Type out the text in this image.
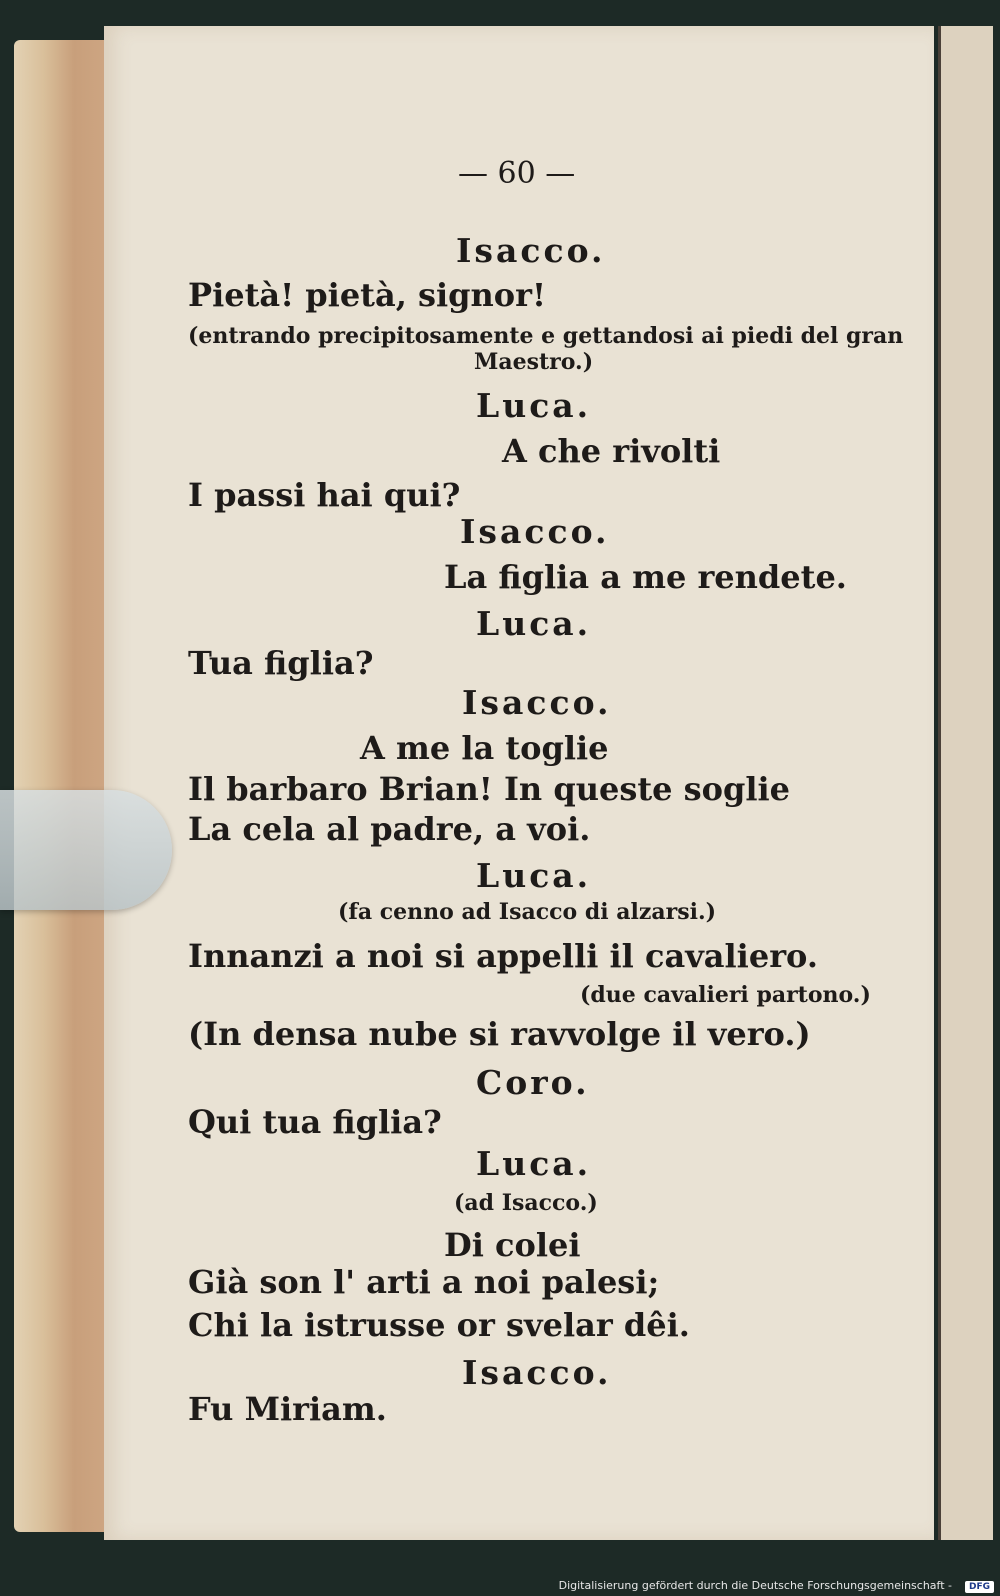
— 60 —
Isacco.
Pietà! pietà, signor!
(entrando precipitosamente e gettandosi ai piedi del gran
Maestro.)
Luca.
A che rivolti
I passi hai qui?
Isacco.
La figlia a me rendete.
Luca.
Tua figlia?
Isacco.
A me la toglie
Il barbaro Brian! In queste soglie
La cela al padre, a voi.
Luca.
(fa cenno ad Isacco di alzarsi.)
Innanzi a noi si appelli il cavaliero.
(due cavalieri partono.)
(In densa nube si ravvolge il vero.)
Coro.
Qui tua figlia?
Luca.
(ad Isacco.)
Di colei
Già son l' arti a noi palesi;
Chi la istrusse or svelar dêi.
Isacco.
Fu Miriam.
Digitalisierung gefördert durch die Deutsche Forschungsgemeinschaft -	DFG
